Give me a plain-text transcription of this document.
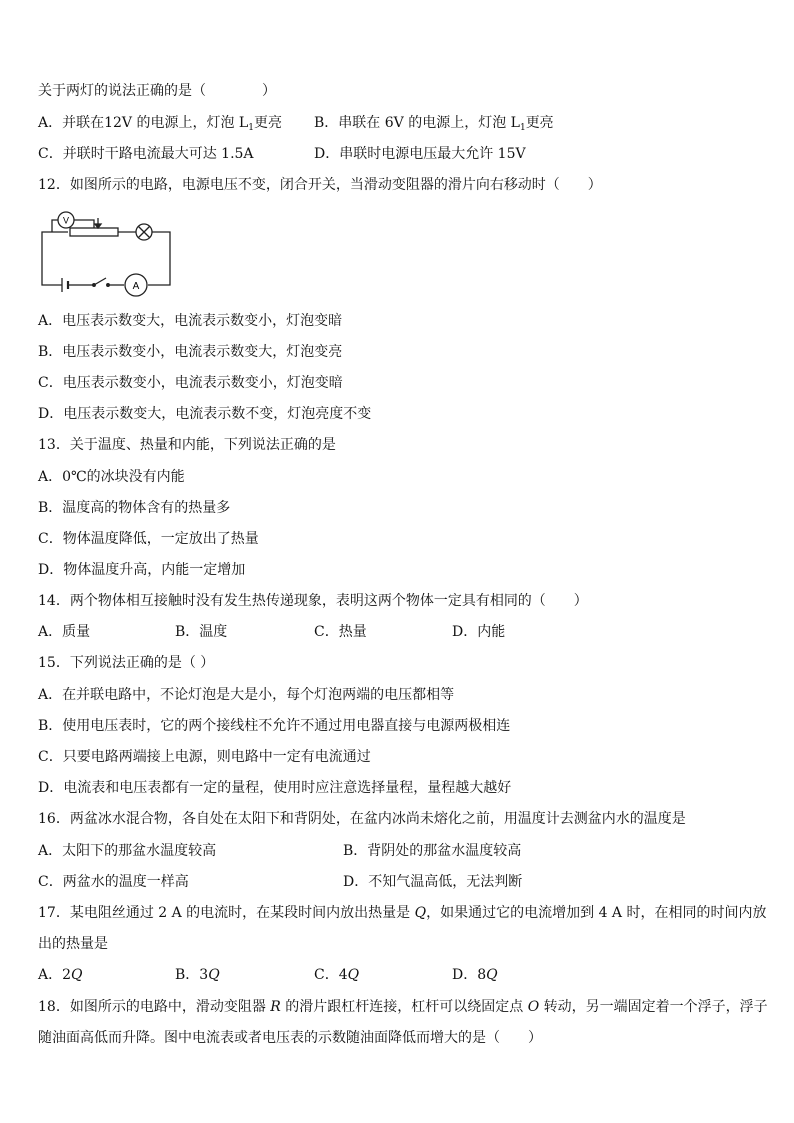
关于两灯的说法正确的是（　　　　）
A．并联在12V 的电源上，灯泡 $L_1$更亮 B．串联在 6V 的电源上，灯泡 $L_1$更亮
C．并联时干路电流最大可达 1.5A	D．串联时电源电压最大允许 15V
12．如图所示的电路，电源电压不变，闭合开关，当滑动变阻器的滑片向右移动时（　　）
V
A
A．电压表示数变大，电流表示数变小，灯泡变暗
B．电压表示数变小，电流表示数变大，灯泡变亮
C．电压表示数变小，电流表示数变小，灯泡变暗
D．电压表示数变大，电流表示数不变，灯泡亮度不变
13．关于温度、热量和内能，下列说法正确的是
A．0℃的冰块没有内能
B．温度高的物体含有的热量多
C．物体温度降低，一定放出了热量
D．物体温度升高，内能一定增加
14．两个物体相互接触时没有发生热传递现象，表明这两个物体一定具有相同的（　　）
A．质量	B．温度	C．热量	D．内能
15．下列说法正确的是（ ）
A．在并联电路中，不论灯泡是大是小，每个灯泡两端的电压都相等
B．使用电压表时，它的两个接线柱不允许不通过用电器直接与电源两极相连
C．只要电路两端接上电源，则电路中一定有电流通过
D．电流表和电压表都有一定的量程，使用时应注意选择量程，量程越大越好
16．两盆冰水混合物，各自处在太阳下和背阴处，在盆内冰尚未熔化之前，用温度计去测盆内水的温度是
A．太阳下的那盆水温度较高	B．背阴处的那盆水温度较高
C．两盆水的温度一样高	D．不知气温高低，无法判断
17．某电阻丝通过 2 A 的电流时，在某段时间内放出热量是 Q，如果通过它的电流增加到 4 A 时，在相同的时间内放
出的热量是
A．2Q	B．3Q	C．4Q	D．8Q
18．如图所示的电路中，滑动变阻器 R 的滑片跟杠杆连接，杠杆可以绕固定点 O 转动，另一端固定着一个浮子，浮子
随油面高低而升降。图中电流表或者电压表的示数随油面降低而增大的是（　　）
